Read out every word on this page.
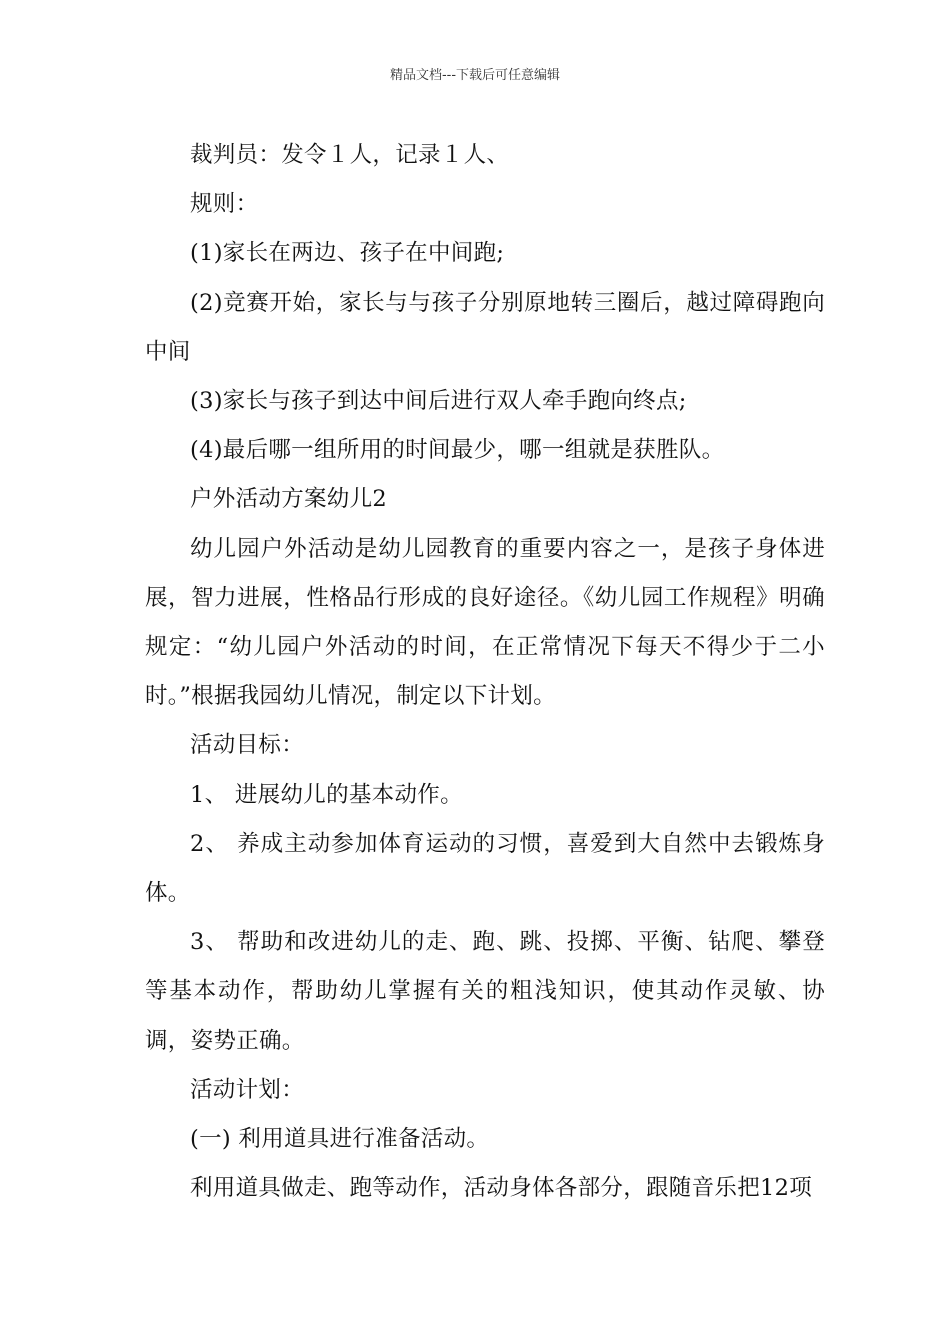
精品文档---下载后可任意编辑

裁判员：发令１人，记录１人、

规则：

(1)家长在两边、孩子在中间跑;

(2)竞赛开始，家长与与孩子分别原地转三圈后，越过障碍跑向中间

(3)家长与孩子到达中间后进行双人牵手跑向终点;

(4)最后哪一组所用的时间最少，哪一组就是获胜队。

户外活动方案幼儿2

幼儿园户外活动是幼儿园教育的重要内容之一，是孩子身体进展，智力进展，性格品行形成的良好途径。《幼儿园工作规程》明确规定：“幼儿园户外活动的时间，在正常情况下每天不得少于二小时。”根据我园幼儿情况，制定以下计划。

活动目标：

1、 进展幼儿的基本动作。

2、 养成主动参加体育运动的习惯，喜爱到大自然中去锻炼身体。

3、 帮助和改进幼儿的走、跑、跳、投掷、平衡、钻爬、攀登等基本动作，帮助幼儿掌握有关的粗浅知识，使其动作灵敏、协调，姿势正确。

活动计划：

(一) 利用道具进行准备活动。

利用道具做走、跑等动作，活动身体各部分，跟随音乐把12项
